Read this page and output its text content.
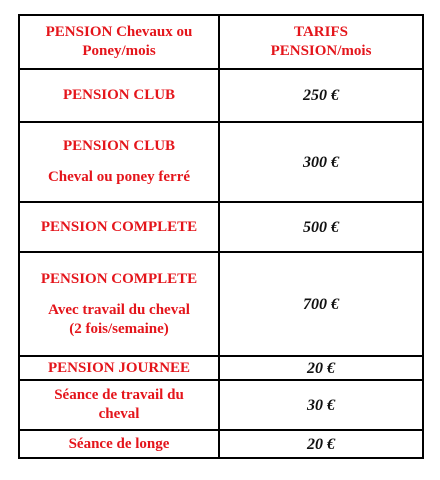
PENSION Chevaux ou
Poney/mois	TARIFS
PENSION/mois

PENSION CLUB	250 €

PENSION CLUB
Cheval ou poney ferré	300 €

PENSION COMPLETE	500 €

PENSION COMPLETE
Avec travail du cheval
(2 fois/semaine)	700 €

PENSION JOURNEE	20 €

Séance de travail du
cheval	30 €

Séance de longe	20 €
